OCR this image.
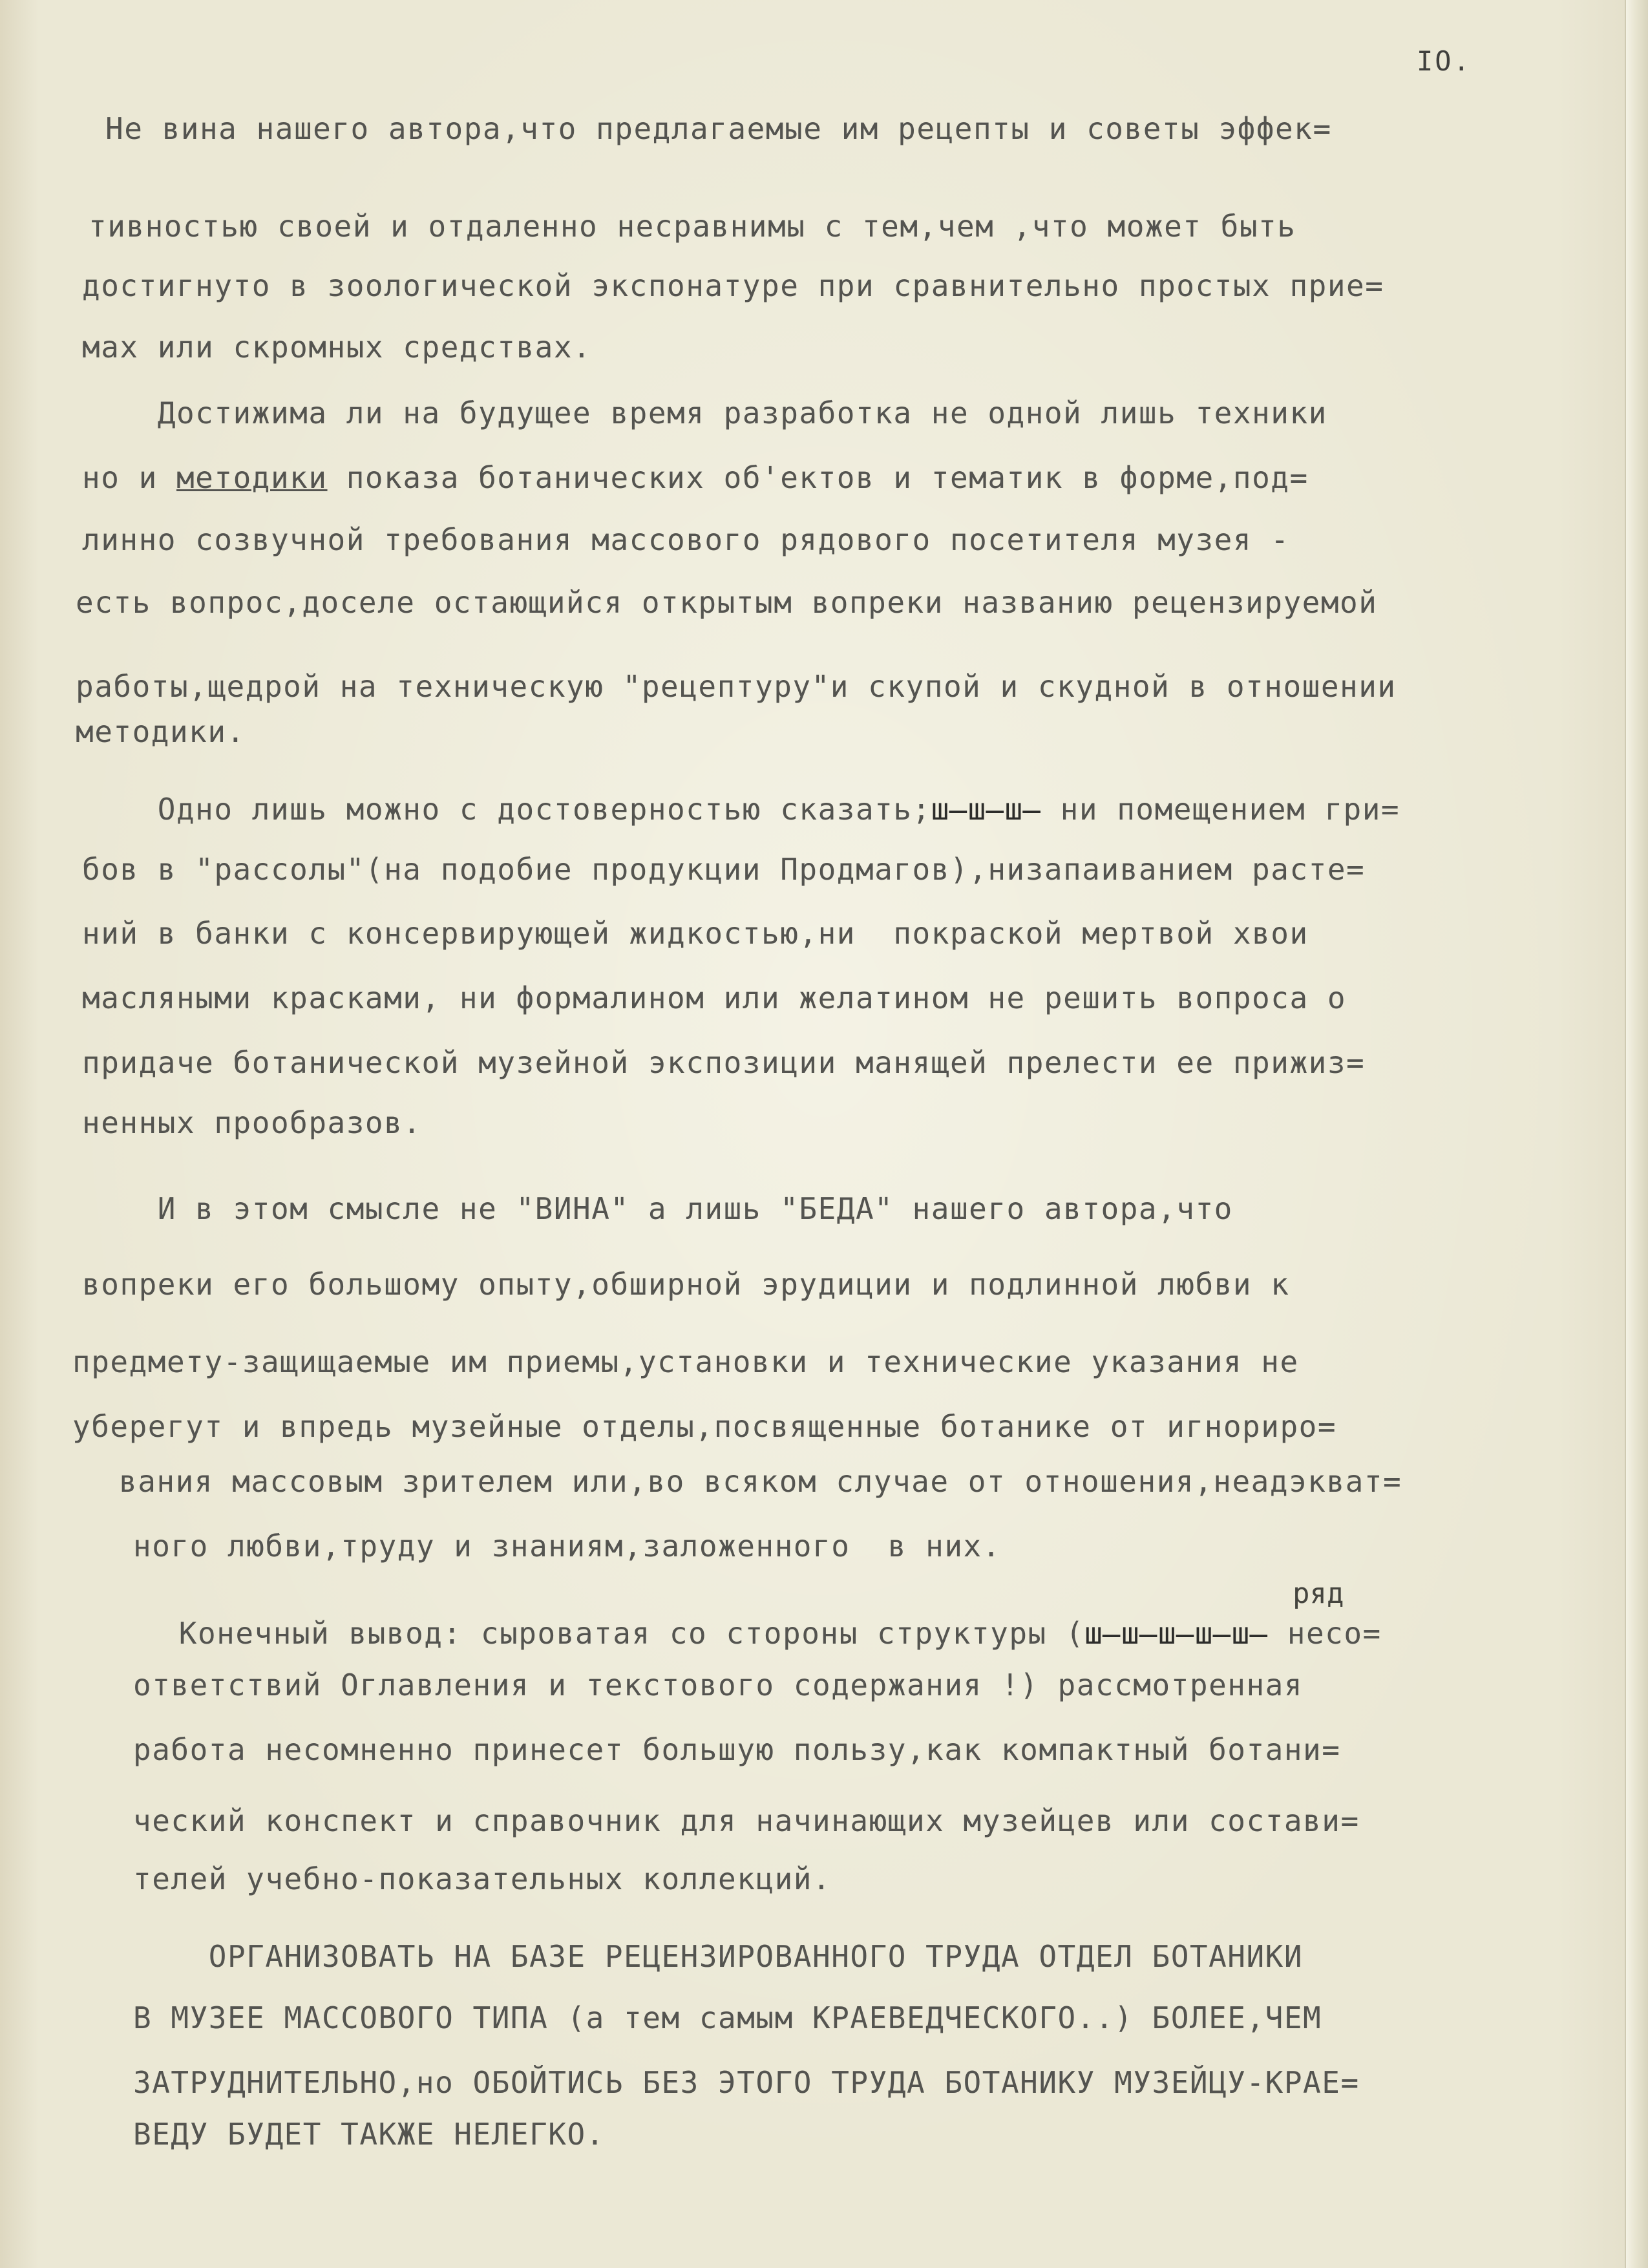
IO.
Не вина нашего автора,что предлагаемые им рецепты и советы эффек=
тивностью своей и отдаленно несравнимы с тем,чем ,что может быть
достигнуто в зоологической экспонатуре при сравнительно простых прие=
мах или скромных средствах.
Достижима ли на будущее время разработка не одной лишь техники
но и методики показа ботанических об'ектов и тематик в форме,под=
линно созвучной требования массового рядового посетителя музея -
есть вопрос,доселе остающийся открытым вопреки названию рецензируемой
работы,щедрой на техническую "рецептуру"и скупой и скудной в отношении
методики.
Одно лишь можно с достоверностью сказать;ш̶ш̶ш̶ ни помещением гри=
бов в "рассолы"(на подобие продукции Продмагов),низапаиванием расте=
ний в банки с консервирующей жидкостью,ни  покраской мертвой хвои
масляными красками, ни формалином или желатином не решить вопроса о
придаче ботанической музейной экспозиции манящей прелести ее прижиз=
ненных прообразов.
И в этом смысле не "ВИНА" а лишь "БЕДА" нашего автора,что
вопреки его большому опыту,обширной эрудиции и подлинной любви к
предмету-защищаемые им приемы,установки и технические указания не
уберегут и впредь музейные отделы,посвященные ботанике от игнориро=
вания массовым зрителем или,во всяком случае от отношения,неадэкват=
ного любви,труду и знаниям,заложенного  в них.
ряд
Конечный вывод: сыроватая со стороны структуры (ш̶ш̶ш̶ш̶ш̶ несо=
ответствий Оглавления и текстового содержания !) рассмотренная
работа несомненно принесет большую пользу,как компактный ботани=
ческий конспект и справочник для начинающих музейцев или состави=
телей учебно-показательных коллекций.
ОРГАНИЗОВАТЬ НА БАЗЕ РЕЦЕНЗИРОВАННОГО ТРУДА ОТДЕЛ БОТАНИКИ
В МУЗЕЕ МАССОВОГО ТИПА (а тем самым КРАЕВЕДЧЕСКОГО..) БОЛЕЕ,ЧЕМ
ЗАТРУДНИТЕЛЬНО,но ОБОЙТИСЬ БЕЗ ЭТОГО ТРУДА БОТАНИКУ МУЗЕЙЦУ-КРАЕ=
ВЕДУ БУДЕТ ТАКЖЕ НЕЛЕГКО.
